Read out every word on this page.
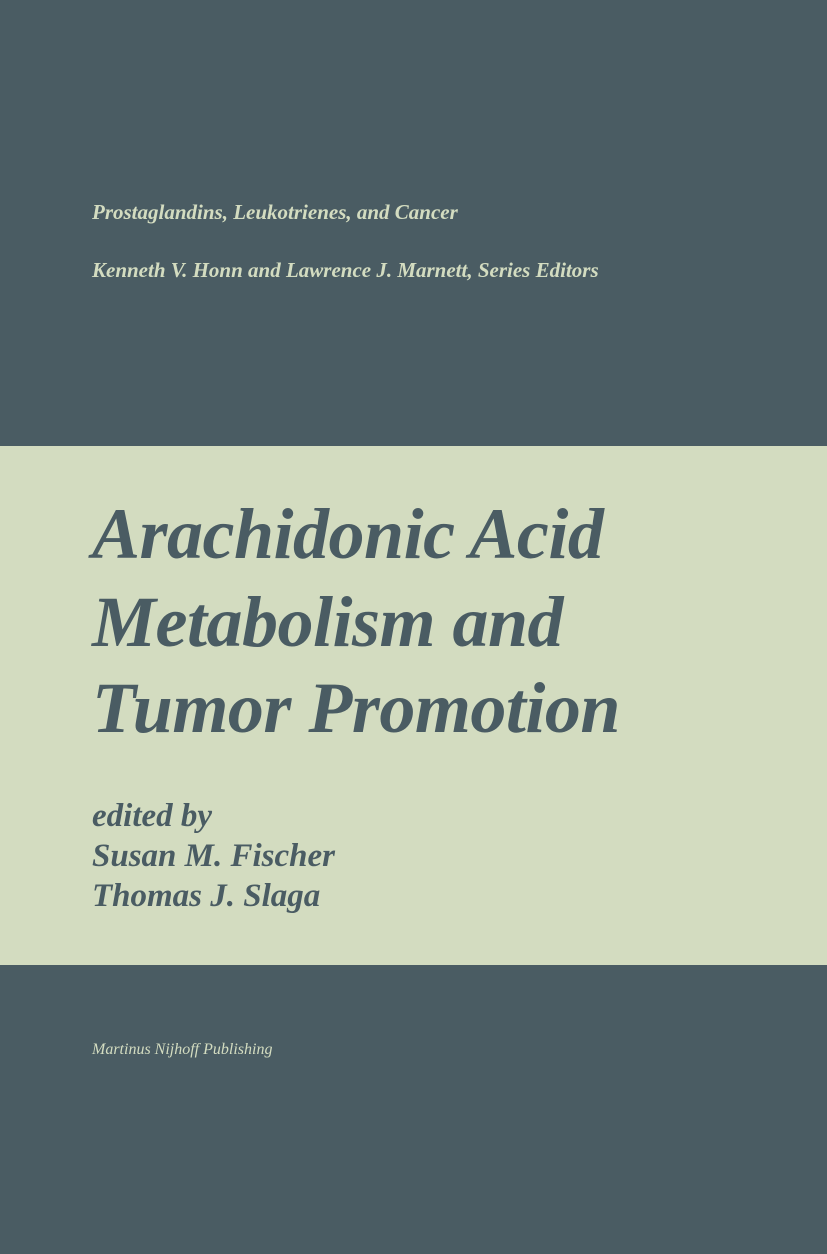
Prostaglandins, Leukotrienes, and Cancer
Kenneth V. Honn and Lawrence J. Marnett, Series Editors
Arachidonic Acid
Metabolism and
Tumor Promotion
edited by
Susan M. Fischer
Thomas J. Slaga
Martinus Nijhoff Publishing
